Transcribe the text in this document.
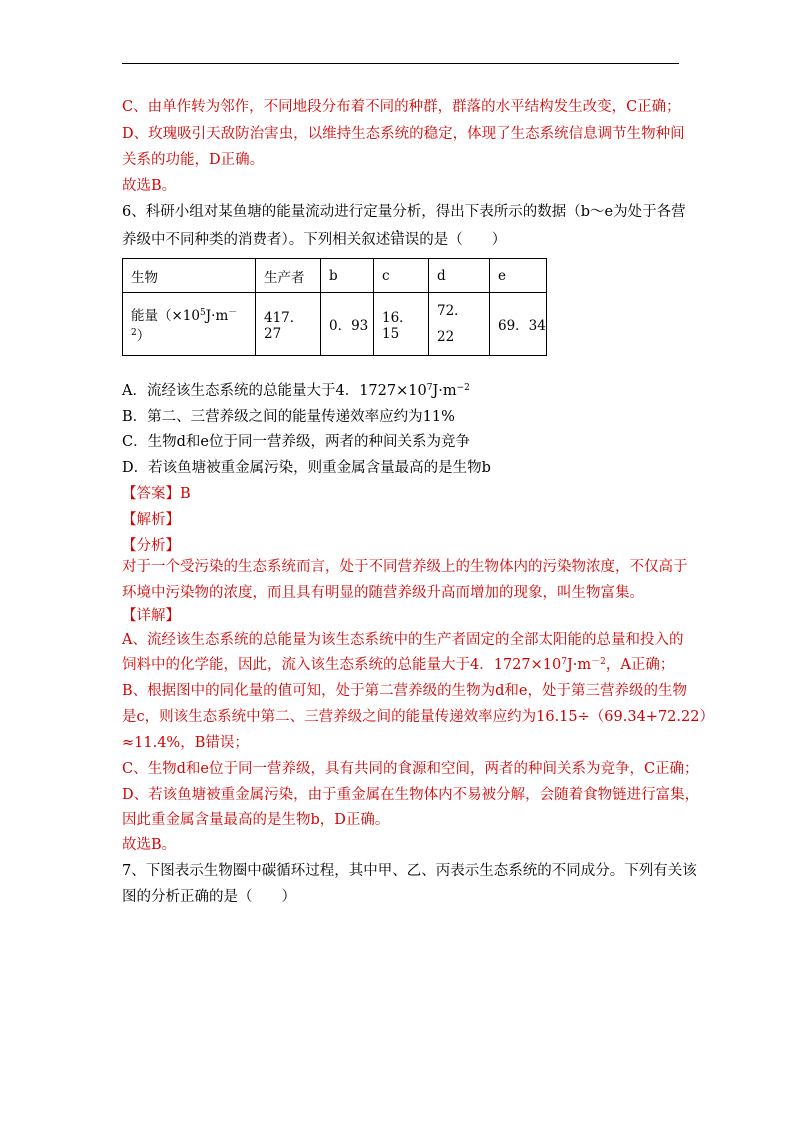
C、由单作转为邻作，不同地段分布着不同的种群，群落的水平结构发生改变，C正确；
D、玫瑰吸引天敌防治害虫，以维持生态系统的稳定，体现了生态系统信息调节生物种间
关系的功能，D正确。
故选B。
6、科研小组对某鱼塘的能量流动进行定量分析，得出下表所示的数据（b～e为处于各营
养级中不同种类的消费者）。下列相关叙述错误的是（　　）
生物	生产者	b	c	d	e
能量$(\times 10^5J\cdot m^{-2})$	417．27	0．93	16．15	72．22	69．34
A．流经该生态系统的总能量大于4．$1727\times 10^7J\cdot m^{-2}$
B．第二、三营养级之间的能量传递效率应约为11%
C．生物d和e位于同一营养级，两者的种间关系为竞争
D．若该鱼塘被重金属污染，则重金属含量最高的是生物b
【答案】B
【解析】
【分析】
对于一个受污染的生态系统而言，处于不同营养级上的生物体内的污染物浓度，不仅高于
环境中污染物的浓度，而且具有明显的随营养级升高而增加的现象，叫生物富集。
【详解】
A、流经该生态系统的总能量为该生态系统中的生产者固定的全部太阳能的总量和投入的
饲料中的化学能，因此，流入该生态系统的总能量大于4．$1727\times 10^7J\cdot m^{-2}$，A正确；
B、根据图中的同化量的值可知，处于第二营养级的生物为d和e，处于第三营养级的生物
是c，则该生态系统中第二、三营养级之间的能量传递效率应约为16.15÷（69.34+72.22）
≈11.4%，B错误；
C、生物d和e位于同一营养级，具有共同的食源和空间，两者的种间关系为竞争，C正确；
D、若该鱼塘被重金属污染，由于重金属在生物体内不易被分解，会随着食物链进行富集，
因此重金属含量最高的是生物b，D正确。
故选B。
7、下图表示生物圈中碳循环过程，其中甲、乙、丙表示生态系统的不同成分。下列有关该
图的分析正确的是（　　）
